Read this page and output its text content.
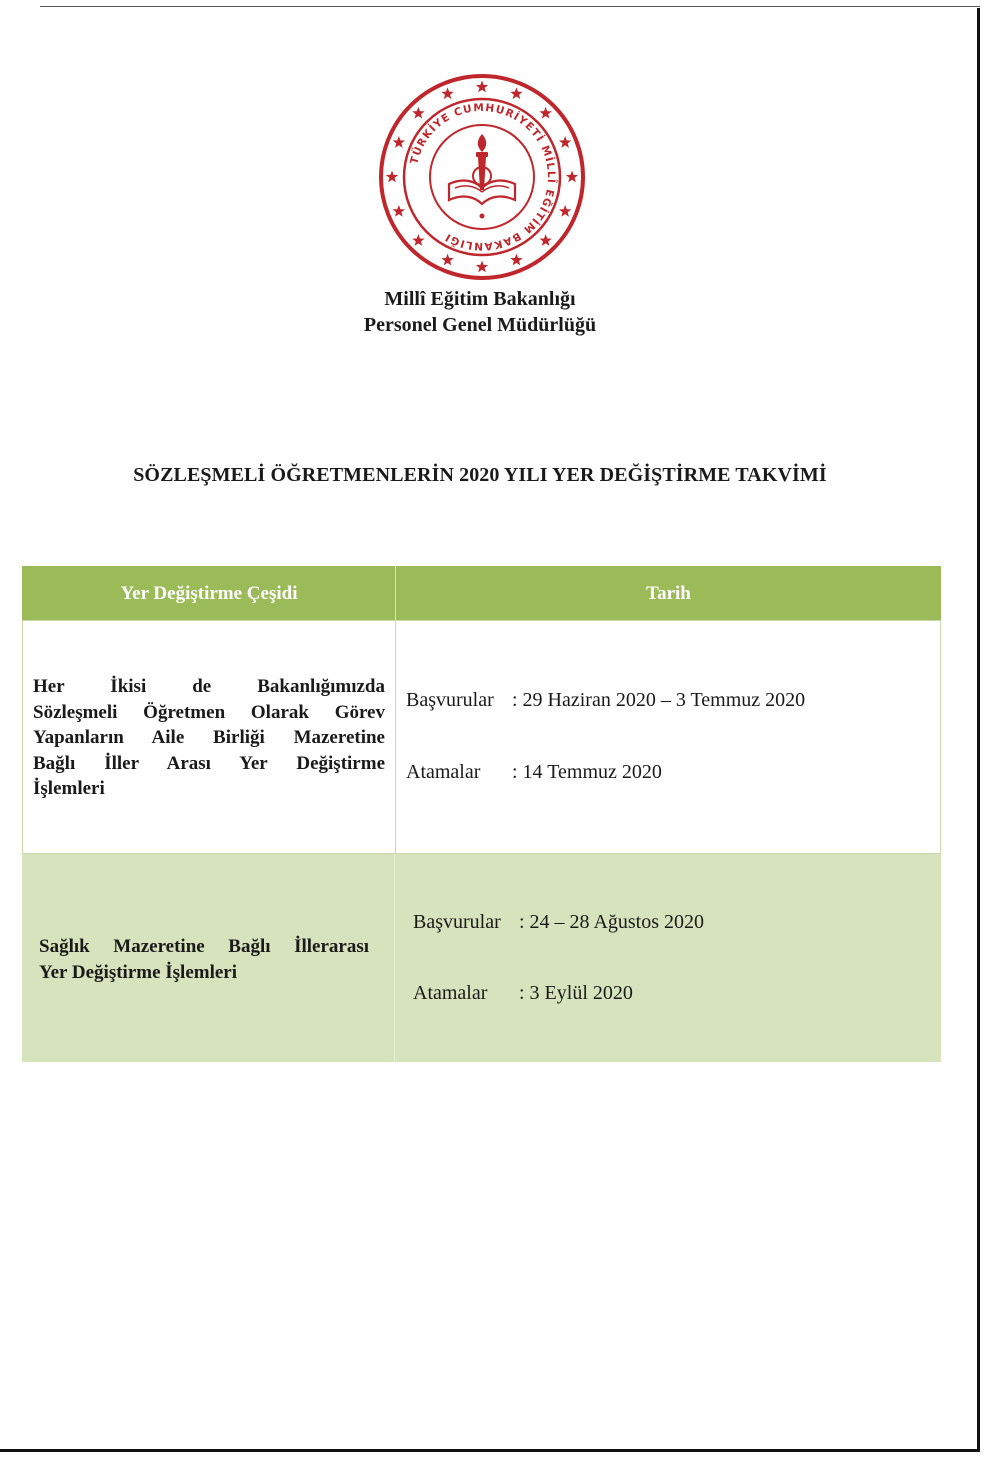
TÜRKİYE CUMHURİYETİ MİLLÎ EĞİTİM BAKANLIĞI
Millî Eğitim Bakanlığı
Personel Genel Müdürlüğü
SÖZLEŞMELİ ÖĞRETMENLERİN 2020 YILI YER DEĞİŞTİRME TAKVİMİ
Yer Değiştirme Çeşidi	Tarih
Her İkisi de Bakanlığımızda
Sözleşmeli Öğretmen Olarak Görev
Yapanların Aile Birliği Mazeretine
Bağlı İller Arası Yer Değiştirme
İşlemleri
Başvurular : 29 Haziran 2020 – 3 Temmuz 2020
Atamalar : 14 Temmuz 2020
Sağlık Mazeretine Bağlı İllerarası
Yer Değiştirme İşlemleri
Başvurular : 24 – 28 Ağustos 2020
Atamalar : 3 Eylül 2020
